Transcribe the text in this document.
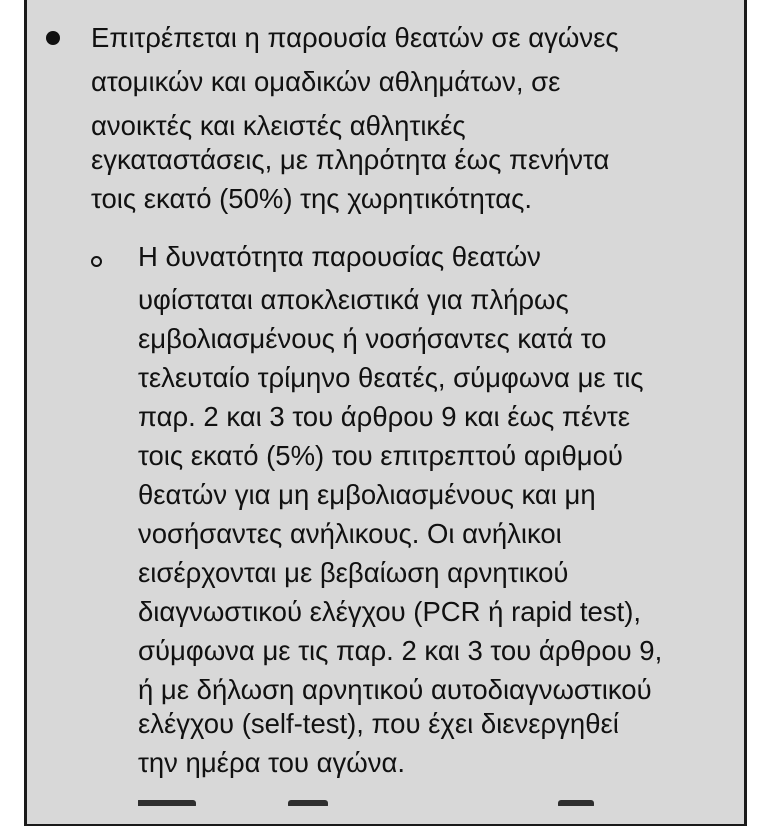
Επιτρέπεται η παρουσία θεατών σε αγώνες

ατομικών και ομαδικών αθλημάτων, σε

ανοικτές και κλειστές αθλητικές

εγκαταστάσεις, με πληρότητα έως πενήντα

τοις εκατό (50%) της χωρητικότητας.

Η δυνατότητα παρουσίας θεατών

υφίσταται αποκλειστικά για πλήρως

εμβολιασμένους ή νοσήσαντες κατά το

τελευταίο τρίμηνο θεατές, σύμφωνα με τις

παρ. 2 και 3 του άρθρου 9 και έως πέντε

τοις εκατό (5%) του επιτρεπτού αριθμού

θεατών για μη εμβολιασμένους και μη

νοσήσαντες ανήλικους. Οι ανήλικοι

εισέρχονται με βεβαίωση αρνητικού

διαγνωστικού ελέγχου (PCR ή rapid test),

σύμφωνα με τις παρ. 2 και 3 του άρθρου 9,

ή με δήλωση αρνητικού αυτοδιαγνωστικού

ελέγχου (self-test), που έχει διενεργηθεί

την ημέρα του αγώνα.
